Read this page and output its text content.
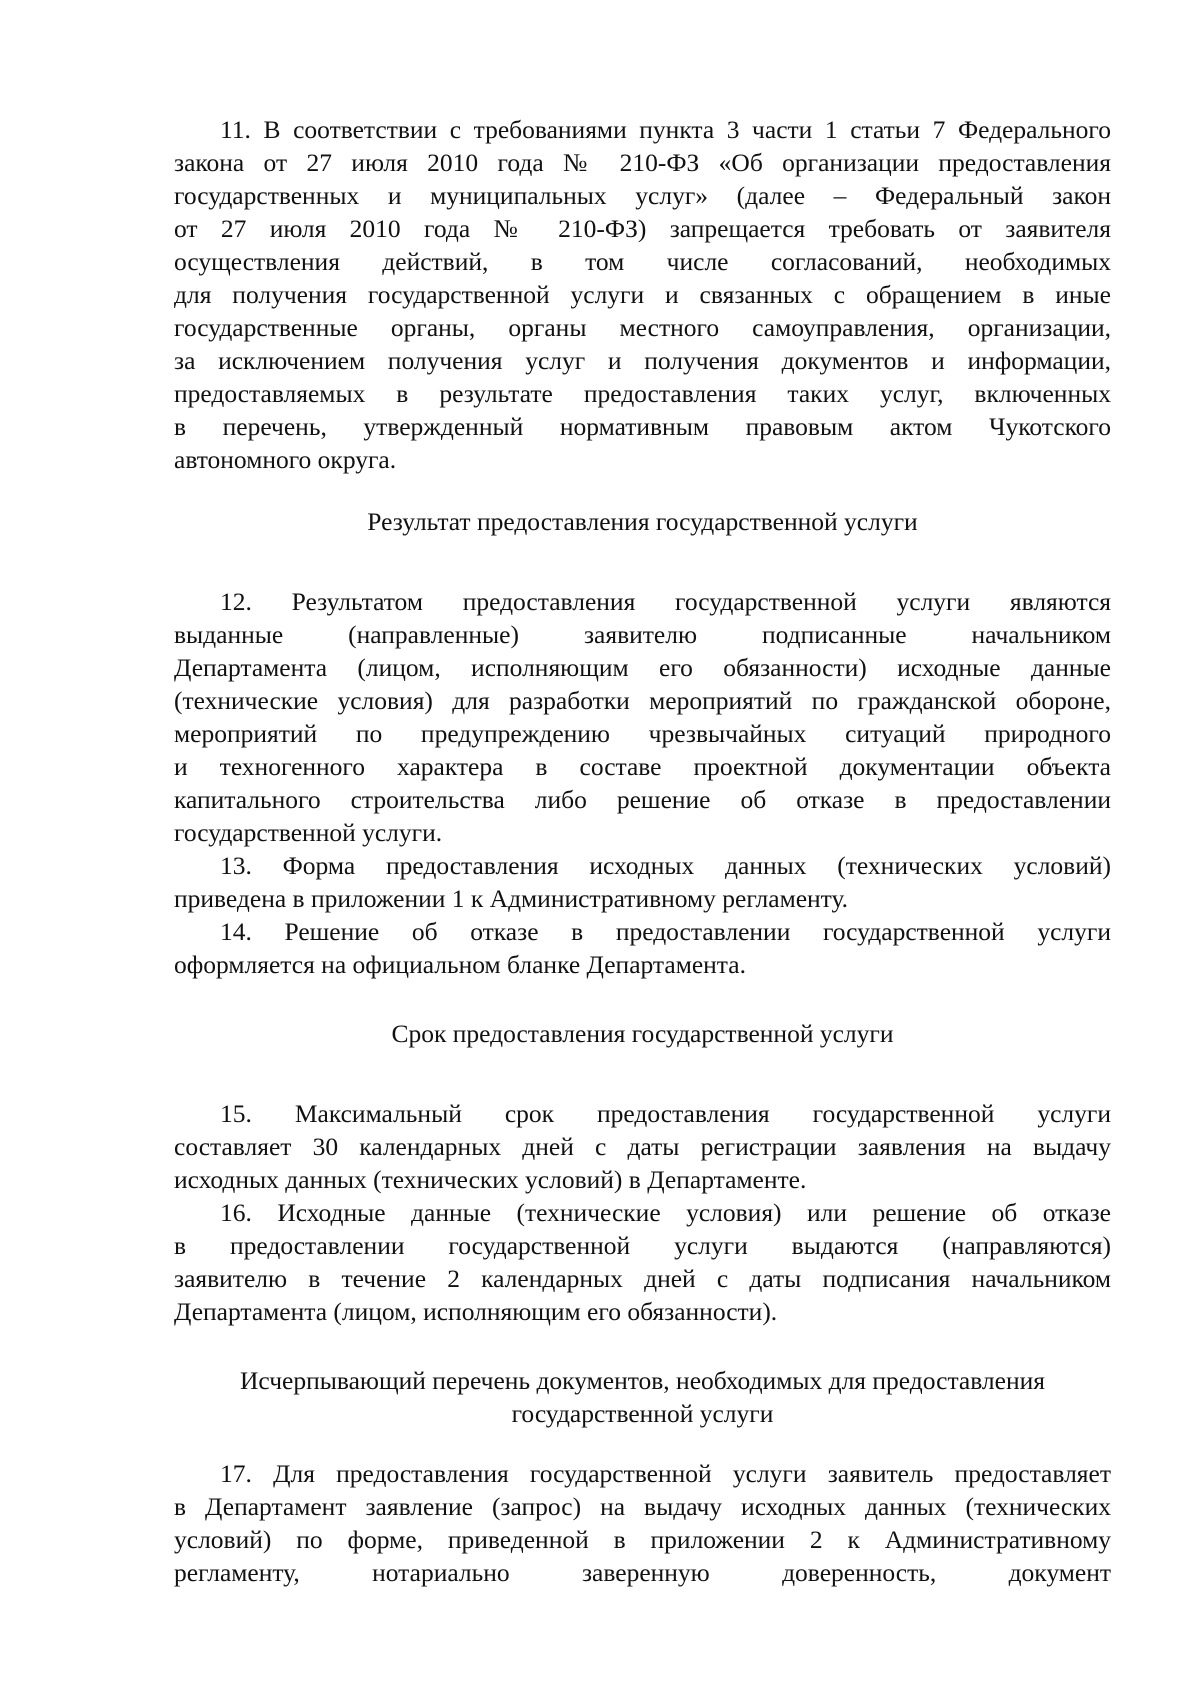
11. В соответствии с требованиями пункта 3 части 1 статьи 7 Федерального
закона от 27 июля 2010 года № 210-ФЗ «Об организации предоставления
государственных и муниципальных услуг» (далее – Федеральный закон
от 27 июля 2010 года № 210-ФЗ) запрещается требовать от заявителя
осуществления действий, в том числе согласований, необходимых
для получения государственной услуги и связанных с обращением в иные
государственные органы, органы местного самоуправления, организации,
за исключением получения услуг и получения документов и информации,
предоставляемых в результате предоставления таких услуг, включенных
в перечень, утвержденный нормативным правовым актом Чукотского
автономного округа.
Результат предоставления государственной услуги
12. Результатом предоставления государственной услуги являются
выданные (направленные) заявителю подписанные начальником
Департамента (лицом, исполняющим его обязанности) исходные данные
(технические условия) для разработки мероприятий по гражданской обороне,
мероприятий по предупреждению чрезвычайных ситуаций природного
и техногенного характера в составе проектной документации объекта
капитального строительства либо решение об отказе в предоставлении
государственной услуги.
13. Форма предоставления исходных данных (технических условий)
приведена в приложении 1 к Административному регламенту.
14. Решение об отказе в предоставлении государственной услуги
оформляется на официальном бланке Департамента.
Срок предоставления государственной услуги
15. Максимальный срок предоставления государственной услуги
составляет 30 календарных дней с даты регистрации заявления на выдачу
исходных данных (технических условий) в Департаменте.
16. Исходные данные (технические условия) или решение об отказе
в предоставлении государственной услуги выдаются (направляются)
заявителю в течение 2 календарных дней с даты подписания начальником
Департамента (лицом, исполняющим его обязанности).
Исчерпывающий перечень документов, необходимых для предоставления
государственной услуги
17. Для предоставления государственной услуги заявитель предоставляет
в Департамент заявление (запрос) на выдачу исходных данных (технических
условий) по форме, приведенной в приложении 2 к Административному
регламенту, нотариально заверенную доверенность, документ
